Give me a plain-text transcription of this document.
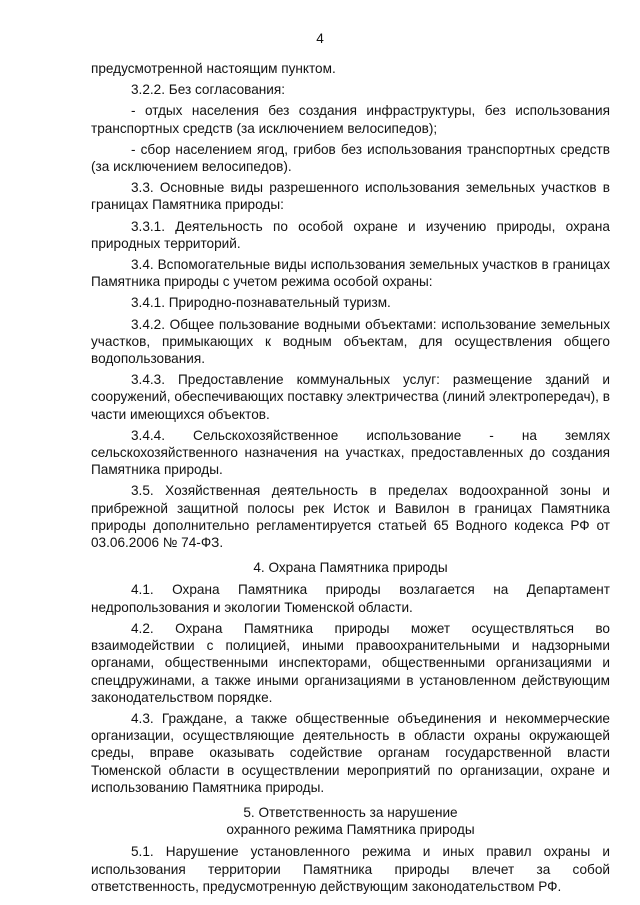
4

предусмотренной настоящим пунктом.

3.2.2. Без согласования:

- отдых населения без создания инфраструктуры, без использования транспортных средств (за исключением велосипедов);

- сбор населением ягод, грибов без использования транспортных средств (за исключением велосипедов).

3.3. Основные виды разрешенного использования земельных участков в границах Памятника природы:

3.3.1. Деятельность по особой охране и изучению природы, охрана природных территорий.

3.4. Вспомогательные виды использования земельных участков в границах Памятника природы с учетом режима особой охраны:

3.4.1. Природно-познавательный туризм.

3.4.2. Общее пользование водными объектами: использование земельных участков, примыкающих к водным объектам, для осуществления общего водопользования.

3.4.3. Предоставление коммунальных услуг: размещение зданий и сооружений, обеспечивающих поставку электричества (линий электропередач), в части имеющихся объектов.

3.4.4. Сельскохозяйственное использование - на землях сельскохозяйственного назначения на участках, предоставленных до создания Памятника природы.

3.5. Хозяйственная деятельность в пределах водоохранной зоны и прибрежной защитной полосы рек Исток и Вавилон в границах Памятника природы дополнительно регламентируется статьей 65 Водного кодекса РФ от 03.06.2006 № 74-ФЗ.

4. Охрана Памятника природы

4.1. Охрана Памятника природы возлагается на Департамент недропользования и экологии Тюменской области.

4.2. Охрана Памятника природы может осуществляться во взаимодействии с полицией, иными правоохранительными и надзорными органами, общественными инспекторами, общественными организациями и спецдружинами, а также иными организациями в установленном действующим законодательством порядке.

4.3. Граждане, а также общественные объединения и некоммерческие организации, осуществляющие деятельность в области охраны окружающей среды, вправе оказывать содействие органам государственной власти Тюменской области в осуществлении мероприятий по организации, охране и использованию Памятника природы.

5. Ответственность за нарушение
охранного режима Памятника природы

5.1. Нарушение установленного режима и иных правил охраны и использования территории Памятника природы влечет за собой ответственность, предусмотренную действующим законодательством РФ.
